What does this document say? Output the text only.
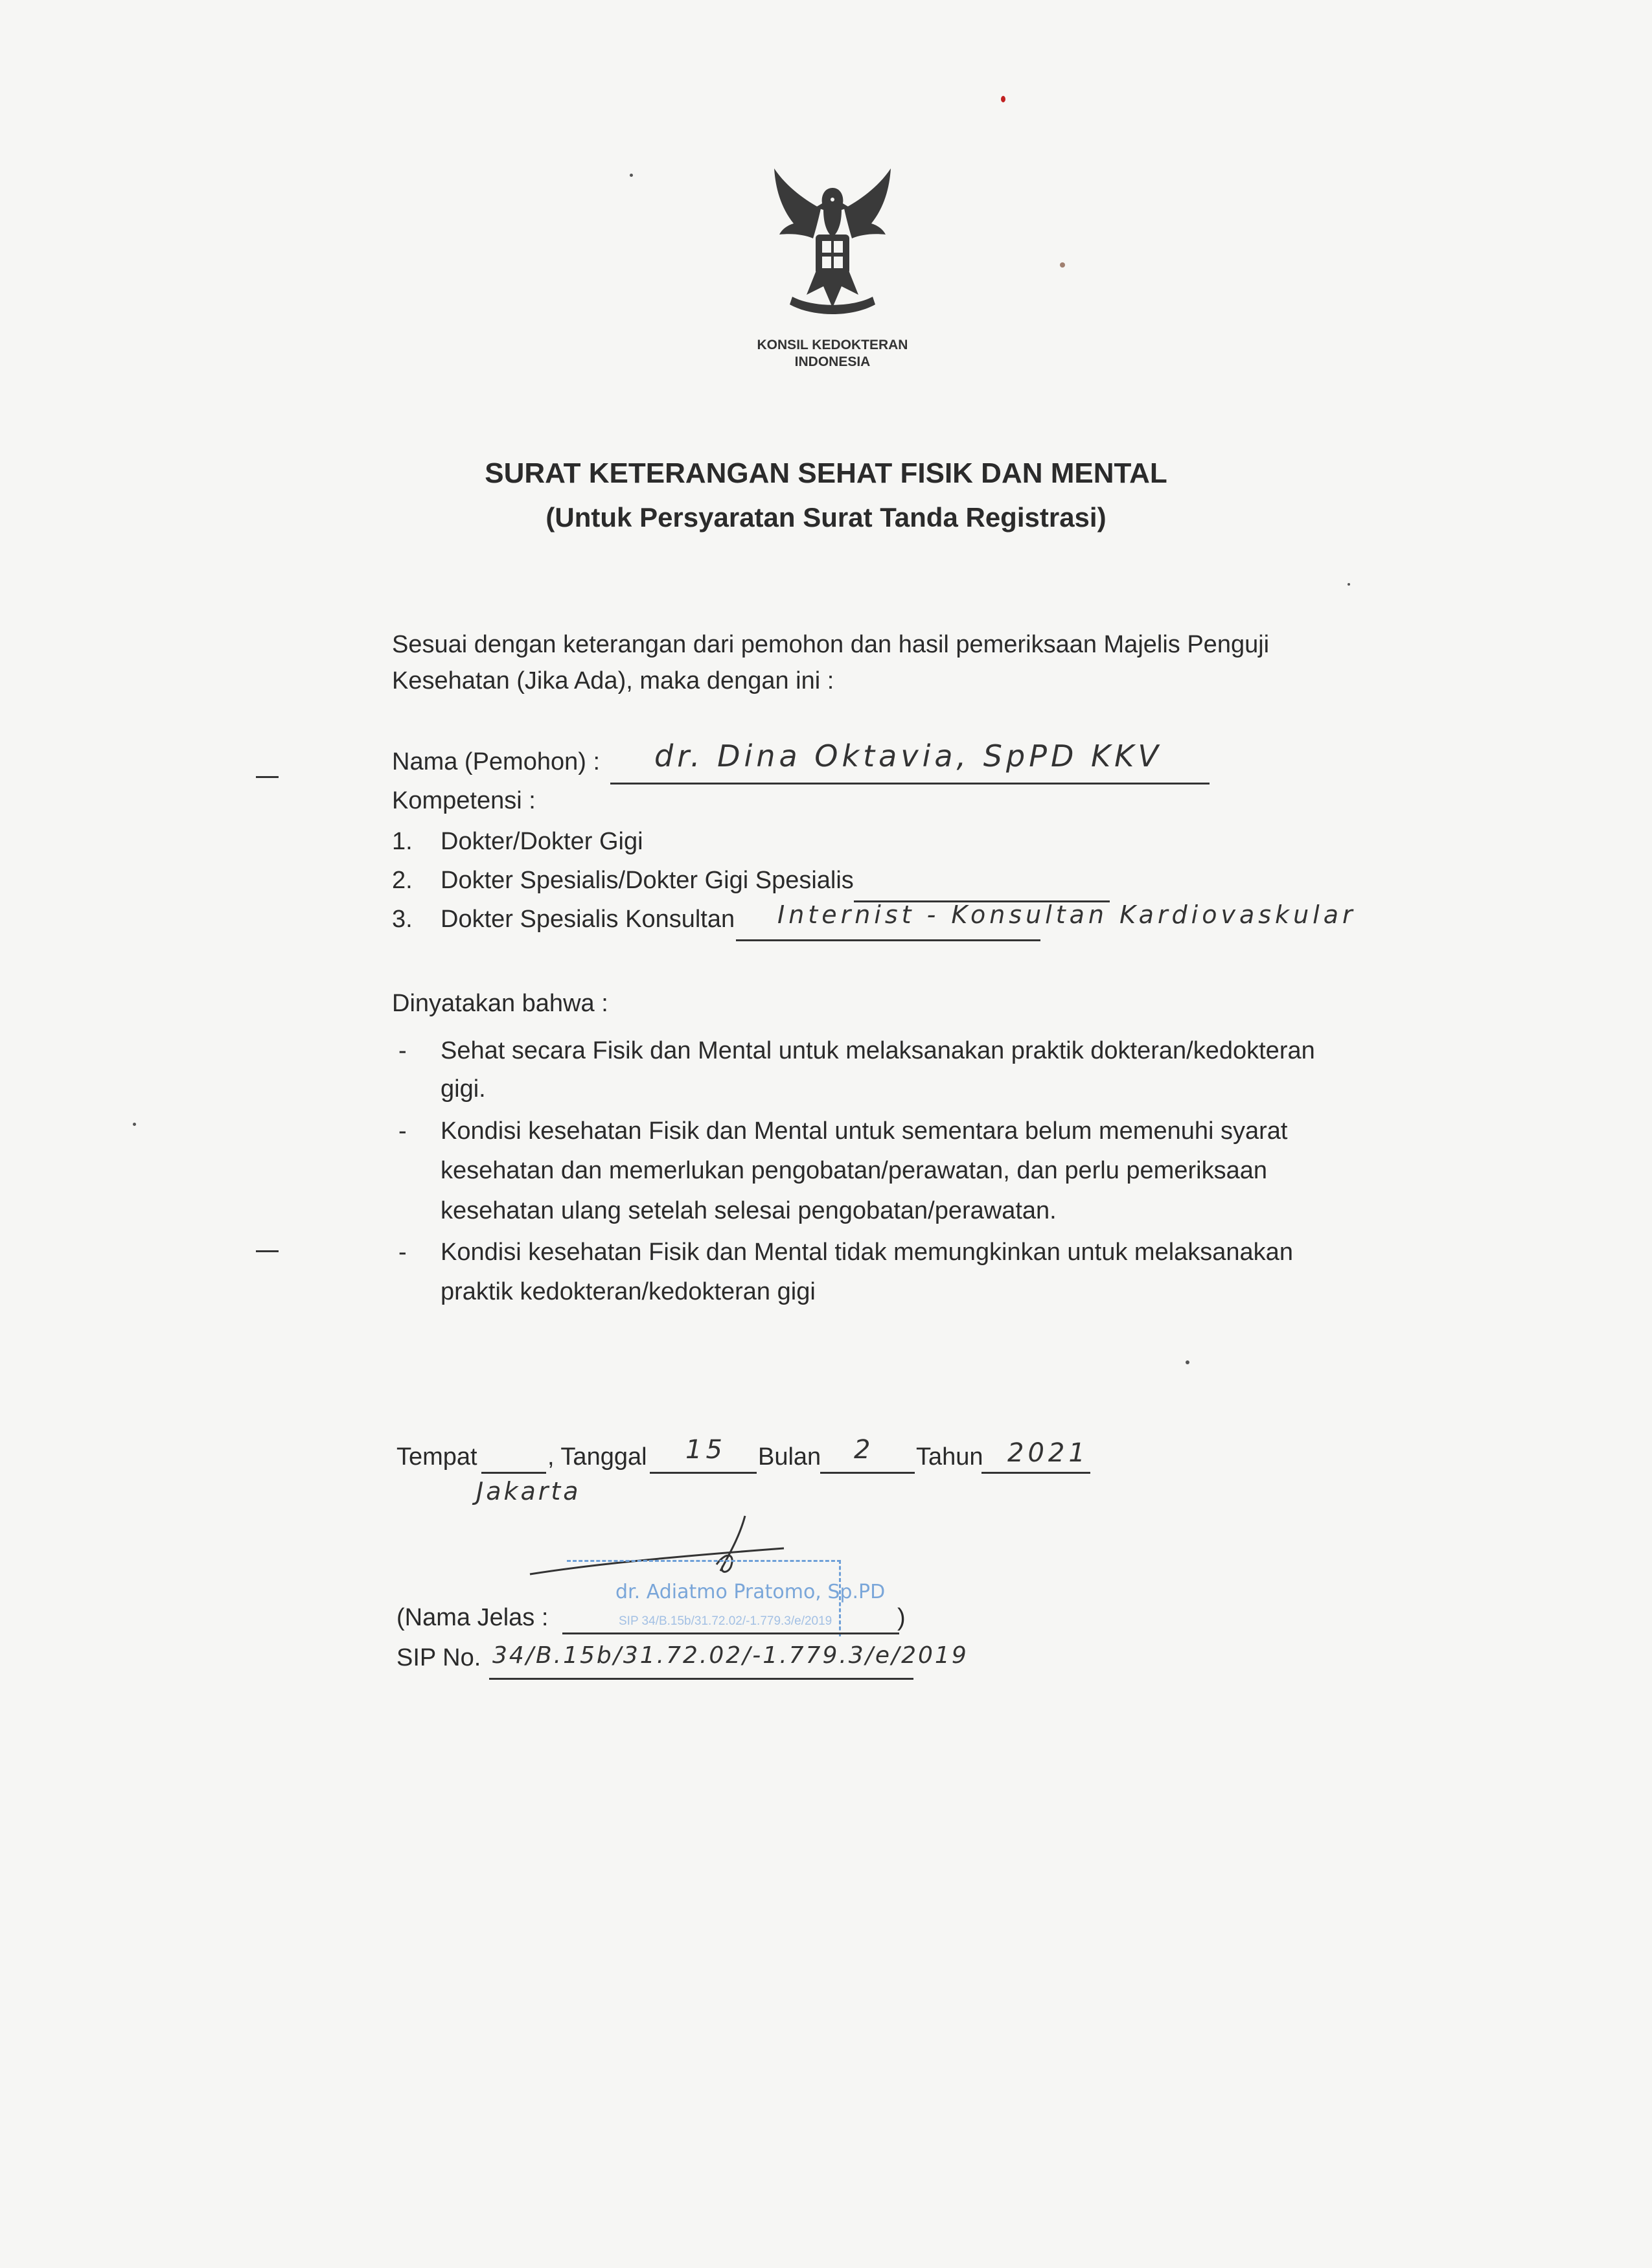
KONSIL KEDOKTERAN
INDONESIA
SURAT KETERANGAN SEHAT FISIK DAN MENTAL
(Untuk Persyaratan Surat Tanda Registrasi)
Sesuai dengan keterangan dari pemohon dan hasil pemeriksaan Majelis Penguji
Kesehatan (Jika Ada), maka dengan ini :
Nama (Pemohon) : dr. Dina Oktavia, SpPD KKV
Kompetensi :
1. Dokter/Dokter Gigi
2. Dokter Spesialis/Dokter Gigi Spesialis
3. Dokter Spesialis Konsultan Internist - Konsultan Kardiovaskular
Dinyatakan bahwa :
- Sehat secara Fisik dan Mental untuk melaksanakan praktik dokteran/kedokteran
gigi.
- Kondisi kesehatan Fisik dan Mental untuk sementara belum memenuhi syarat
kesehatan dan memerlukan pengobatan/perawatan, dan perlu pemeriksaan
kesehatan ulang setelah selesai pengobatan/perawatan.
- Kondisi kesehatan Fisik dan Mental tidak memungkinkan untuk melaksanakan
praktik kedokteran/kedokteran gigi
Tempat	, Tanggal 15 Bulan 2 Tahun 2021
Jakarta
dr. Adiatmo Pratomo, Sp.PD
SIP 34/B.15b/31.72.02/-1.779.3/e/2019
(Nama Jelas :	)
SIP No. 34/B.15b/31.72.02/-1.779.3/e/2019
